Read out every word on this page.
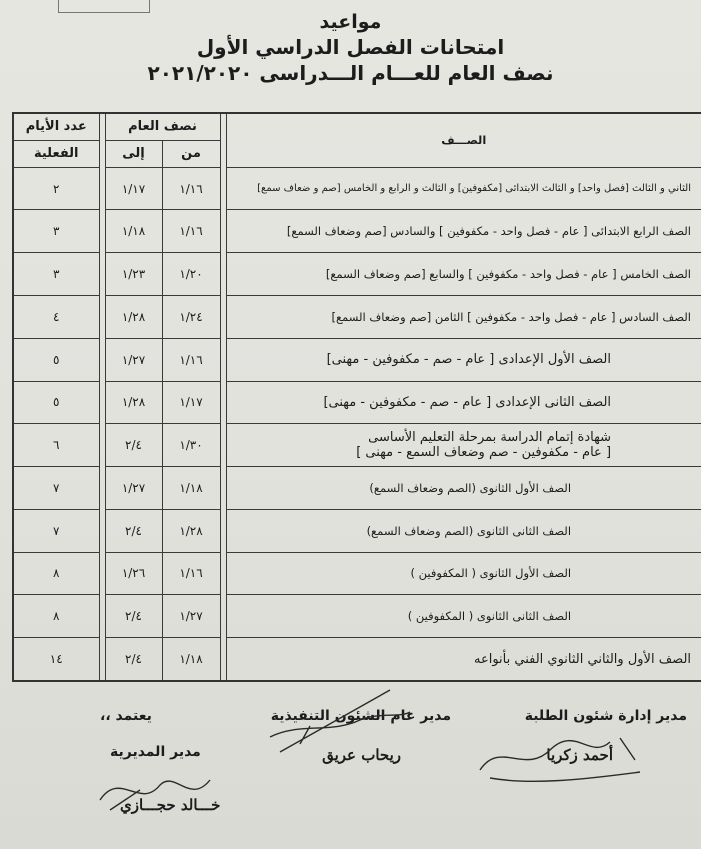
مواعيد
امتحانات الفصل الدراسي الأول
نصف العام للعـــام الـــدراسى ٢٠٢١/٢٠٢٠
الصـــف		نصف العام			عدد الأيام
		من	إلى		الفعلية
الثاني و الثالث [فصل واحد] و الثالث الابتدائى [مكفوفين] و الثالث و الرابع و الخامس [صم و ضعاف سمع]		١/١٦	١/١٧		٢
الصف الرابع الابتدائى [ عام - فصل واحد - مكفوفين ] والسادس [صم وضعاف السمع]		١/١٦	١/١٨		٣
الصف الخامس [ عام - فصل واحد - مكفوفين ] والسابع [صم وضعاف السمع]		١/٢٠	١/٢٣		٣
الصف السادس [ عام - فصل واحد - مكفوفين ] الثامن [صم وضعاف السمع]		١/٢٤	١/٢٨		٤
الصف الأول الإعدادى [ عام - صم - مكفوفين - مهنى]		١/١٦	١/٢٧		٥
الصف الثانى الإعدادى [ عام - صم - مكفوفين - مهنى]		١/١٧	١/٢٨		٥

شهادة إتمام الدراسة بمرحلة التعليم الأساسى
[ عام - مكفوفين - صم وضعاف السمع - مهنى ]		١/٣٠	٢/٤		٦
الصف الأول الثانوى (الصم وضعاف السمع)		١/١٨	١/٢٧		٧
الصف الثانى الثانوى (الصم وضعاف السمع)		١/٢٨	٢/٤		٧
الصف الأول الثانوى ( المكفوفين )		١/١٦	١/٢٦		٨
الصف الثانى الثانوى ( المكفوفين )		١/٢٧	٢/٤		٨
الصف الأول والثاني الثانوي الفني بأنواعه		١/١٨	٢/٤		١٤
مدير إدارة شئون الطلبة
أحمد زكريا
مدير عام الشئون التنفيذية
ريحاب عريق
يعتمد ،،
مدير المديرية
خـــالد حجـــازي
